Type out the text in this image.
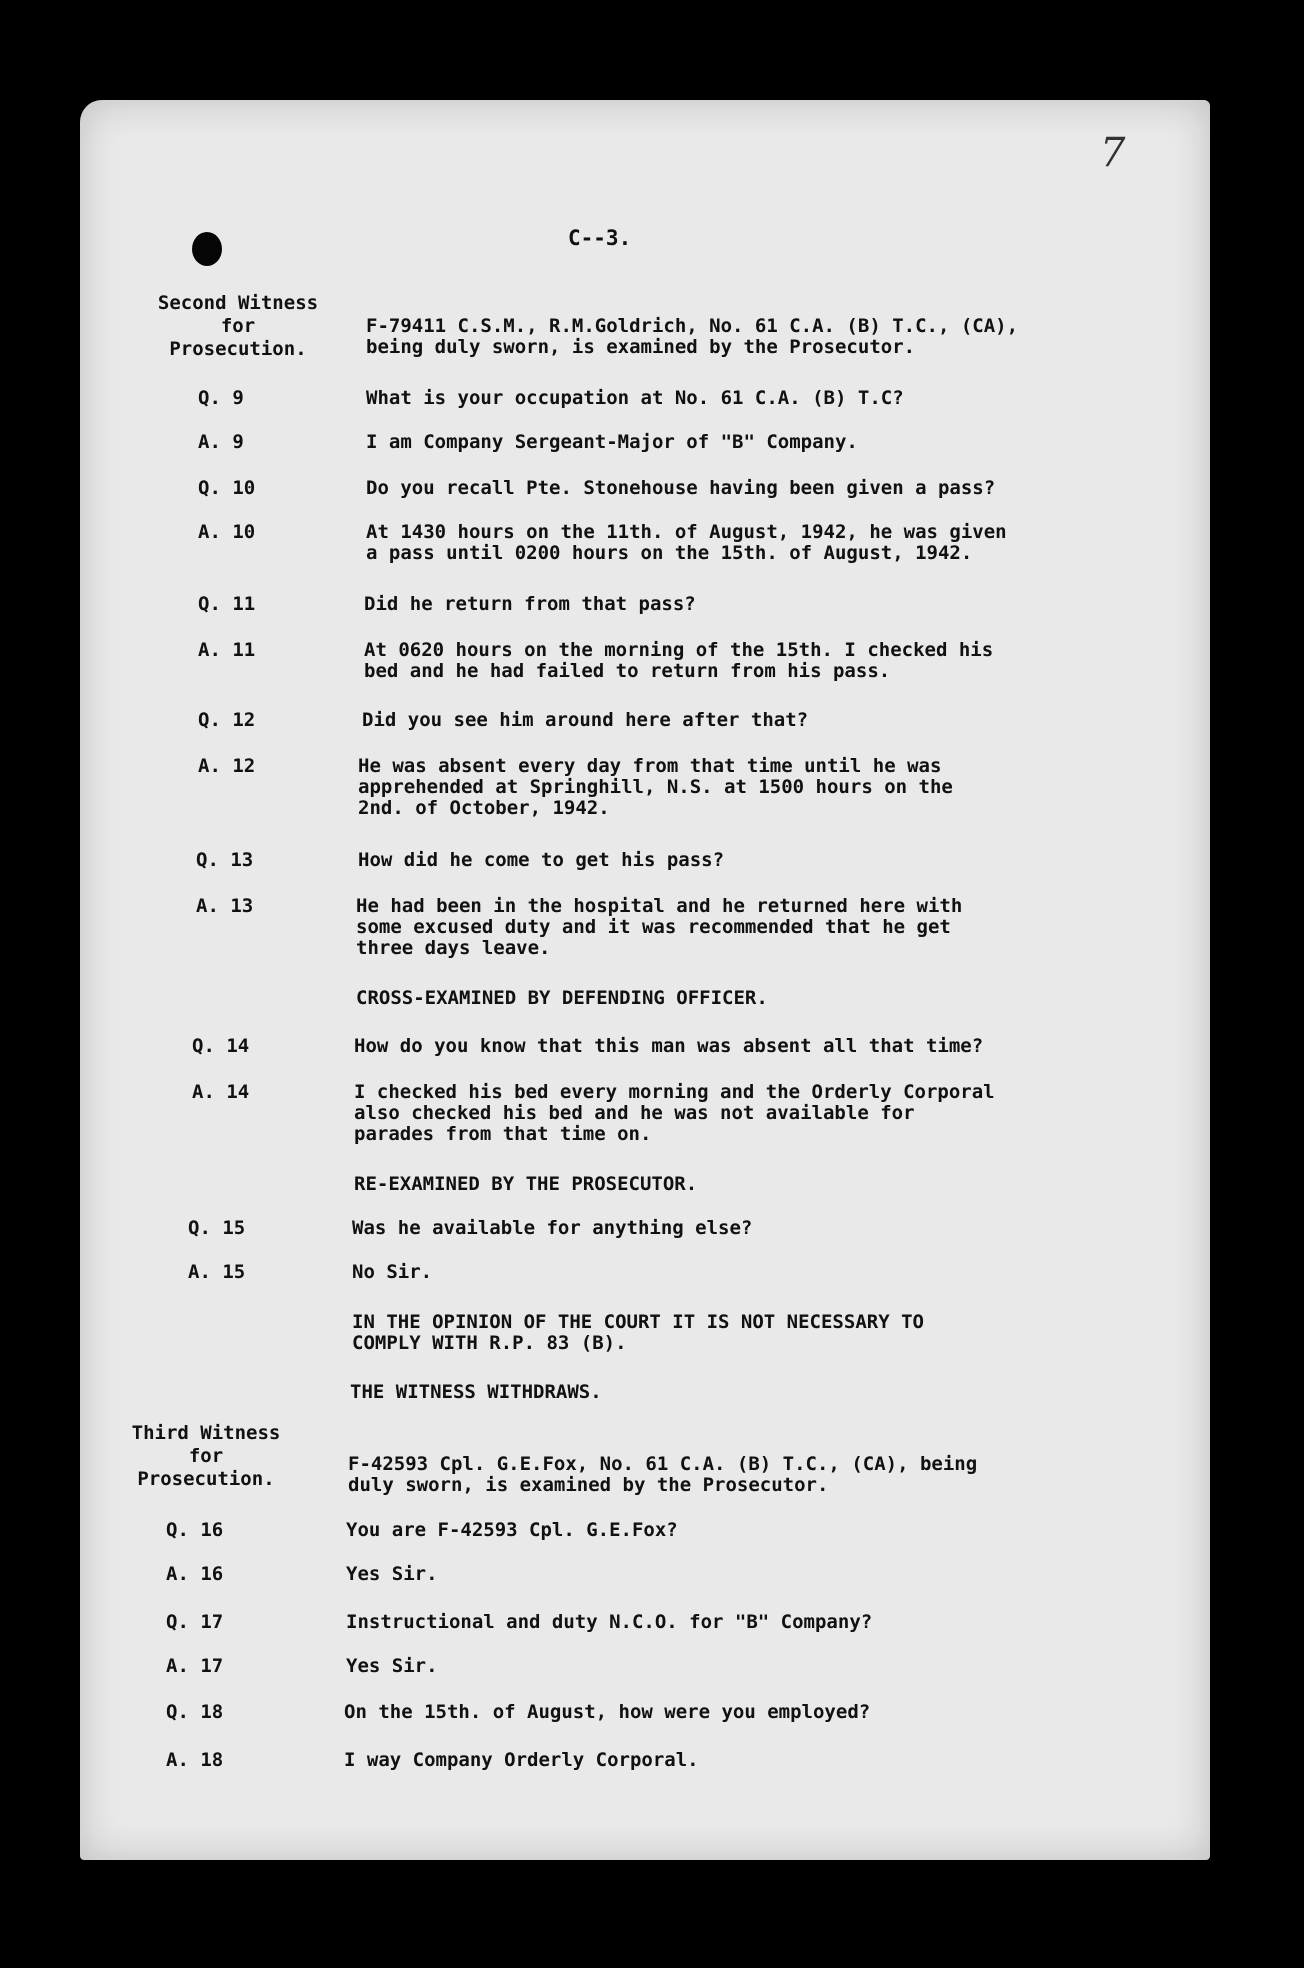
7
C--3.
Second Witness
for
Prosecution.
F-79411 C.S.M., R.M.Goldrich, No. 61 C.A. (B) T.C., (CA),
being duly sworn, is examined by the Prosecutor.
Q. 9	What is your occupation at No. 61 C.A. (B) T.C?
A. 9	I am Company Sergeant-Major of "B" Company.
Q. 10	Do you recall Pte. Stonehouse having been given a pass?
A. 10	At 1430 hours on the 11th. of August, 1942, he was given
a pass until 0200 hours on the 15th. of August, 1942.
Q. 11	Did he return from that pass?
A. 11	At 0620 hours on the morning of the 15th. I checked his
bed and he had failed to return from his pass.
Q. 12	Did you see him around here after that?
A. 12	He was absent every day from that time until he was
apprehended at Springhill, N.S. at 1500 hours on the
2nd. of October, 1942.
Q. 13	How did he come to get his pass?
A. 13	He had been in the hospital and he returned here with
some excused duty and it was recommended that he get
three days leave.
CROSS-EXAMINED BY DEFENDING OFFICER.
Q. 14	How do you know that this man was absent all that time?
A. 14	I checked his bed every morning and the Orderly Corporal
also checked his bed and he was not available for
parades from that time on.
RE-EXAMINED BY THE PROSECUTOR.
Q. 15	Was he available for anything else?
A. 15	No Sir.
IN THE OPINION OF THE COURT IT IS NOT NECESSARY TO
COMPLY WITH R.P. 83 (B).
THE WITNESS WITHDRAWS.
Third Witness
for
Prosecution.
F-42593 Cpl. G.E.Fox, No. 61 C.A. (B) T.C., (CA), being
duly sworn, is examined by the Prosecutor.
Q. 16	You are F-42593 Cpl. G.E.Fox?
A. 16	Yes Sir.
Q. 17	Instructional and duty N.C.O. for "B" Company?
A. 17	Yes Sir.
Q. 18	On the 15th. of August, how were you employed?
A. 18	I way Company Orderly Corporal.
